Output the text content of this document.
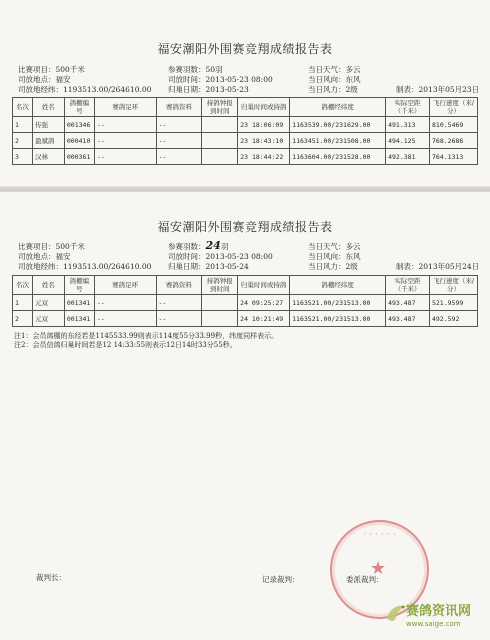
福安潮阳外围赛竞翔成绩报告表
比赛项目：500千米
司放地点：福安
司放地经纬：1193513.00/264610.00
参赛羽数：50羽
司放时间：2013-05-23 08:00
归巢日期：2013-05-23
当日天气：多云
当日风向：东风
当日风力：2级	制表：2013年05月23日
名次	姓名	鸽棚编号	赛鸽足环	赛鸽资料	持鸽钟报到时间	归巢时间或持鸽	鸽棚经纬度	实际空距（千米）	飞行速度（米/分）
1	传强	001346	--	--		23 18:06:09	1163539.00/231629.00	491.313	810.5469
2	盈斌鸽	000410	--	--		23 18:43:10	1163451.00/231508.00	494.125	768.2686
3	汉林	000361	--	--		23 18:44:22	1163604.00/231528.00	492.381	764.1313
福安潮阳外围赛竞翔成绩报告表
比赛项目：500千米
司放地点：福安
司放地经纬：1193513.00/264610.00
参赛羽数：24羽
司放时间：2013-05-23 08:00
归巢日期：2013-05-24
当日天气：多云
当日风向：东风
当日风力：2级	制表：2013年05月24日
名次	姓名	鸽棚编号	赛鸽足环	赛鸽资料	持鸽钟报到时间	归巢时间或持鸽	鸽棚经纬度	实际空距（千米）	飞行速度（米/分）
1	元双	001341	--	--		24 09:25:27	1163521.00/231513.00	493.487	521.9599
2	元双	001341	--	--		24 10:21:49	1163521.00/231513.00	493.487	492.592
注1：会员鸽棚的东经若是1145533.99则表示114度55分33.99秒，纬度同样表示。
注2：会员信鸽归巢时间若是12 14:33:55则表示12日14时33分55秒。
裁判长：	记录裁判：	委派裁判：
⋅ ⋅ ⋅ ⋅ ⋅ ⋅
★
赛鸽资讯网
www.saige.com
